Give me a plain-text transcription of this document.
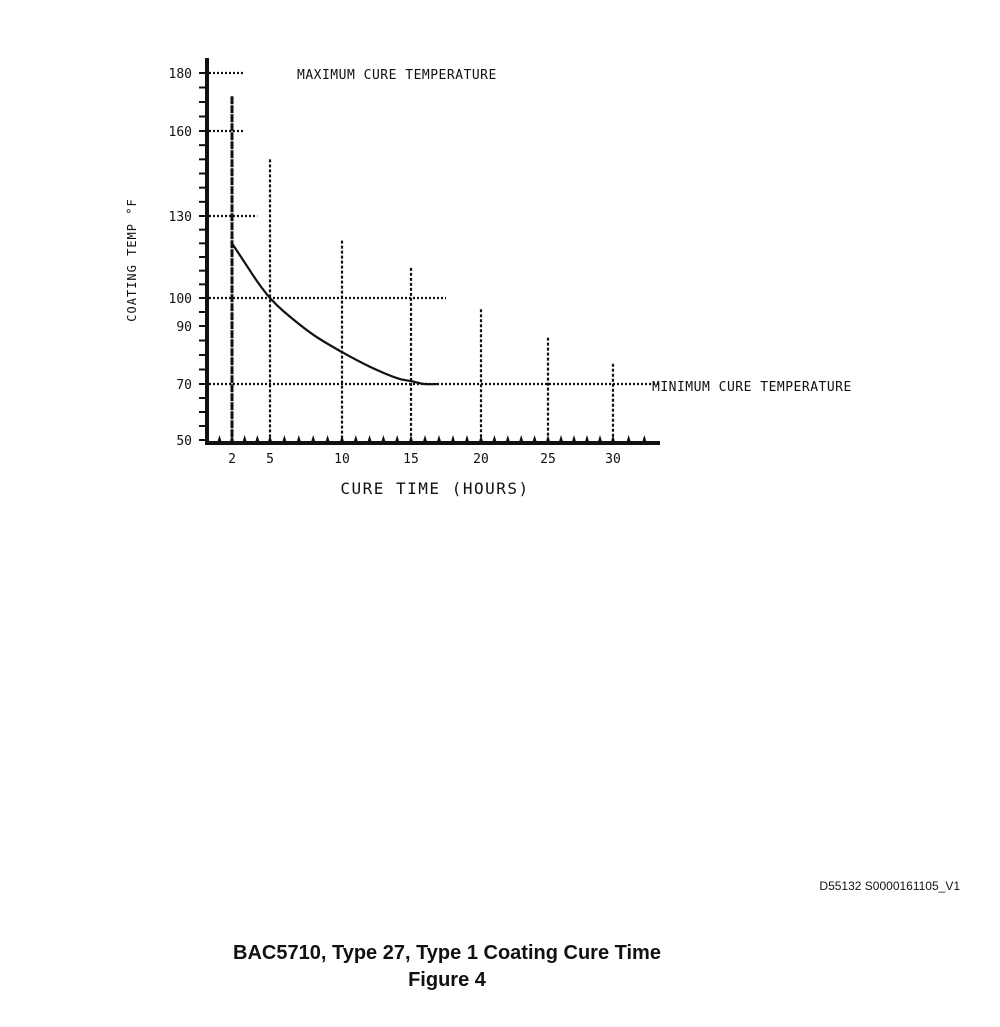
180
160
130
100
90
70
50
2 5	10	15	20	25	30
MAXIMUM CURE TEMPERATURE
MINIMUM CURE TEMPERATURE
CURE TIME (HOURS)
COATING TEMP °F
D55132 S0000161105_V1
BAC5710, Type 27, Type 1 Coating Cure Time
Figure 4
